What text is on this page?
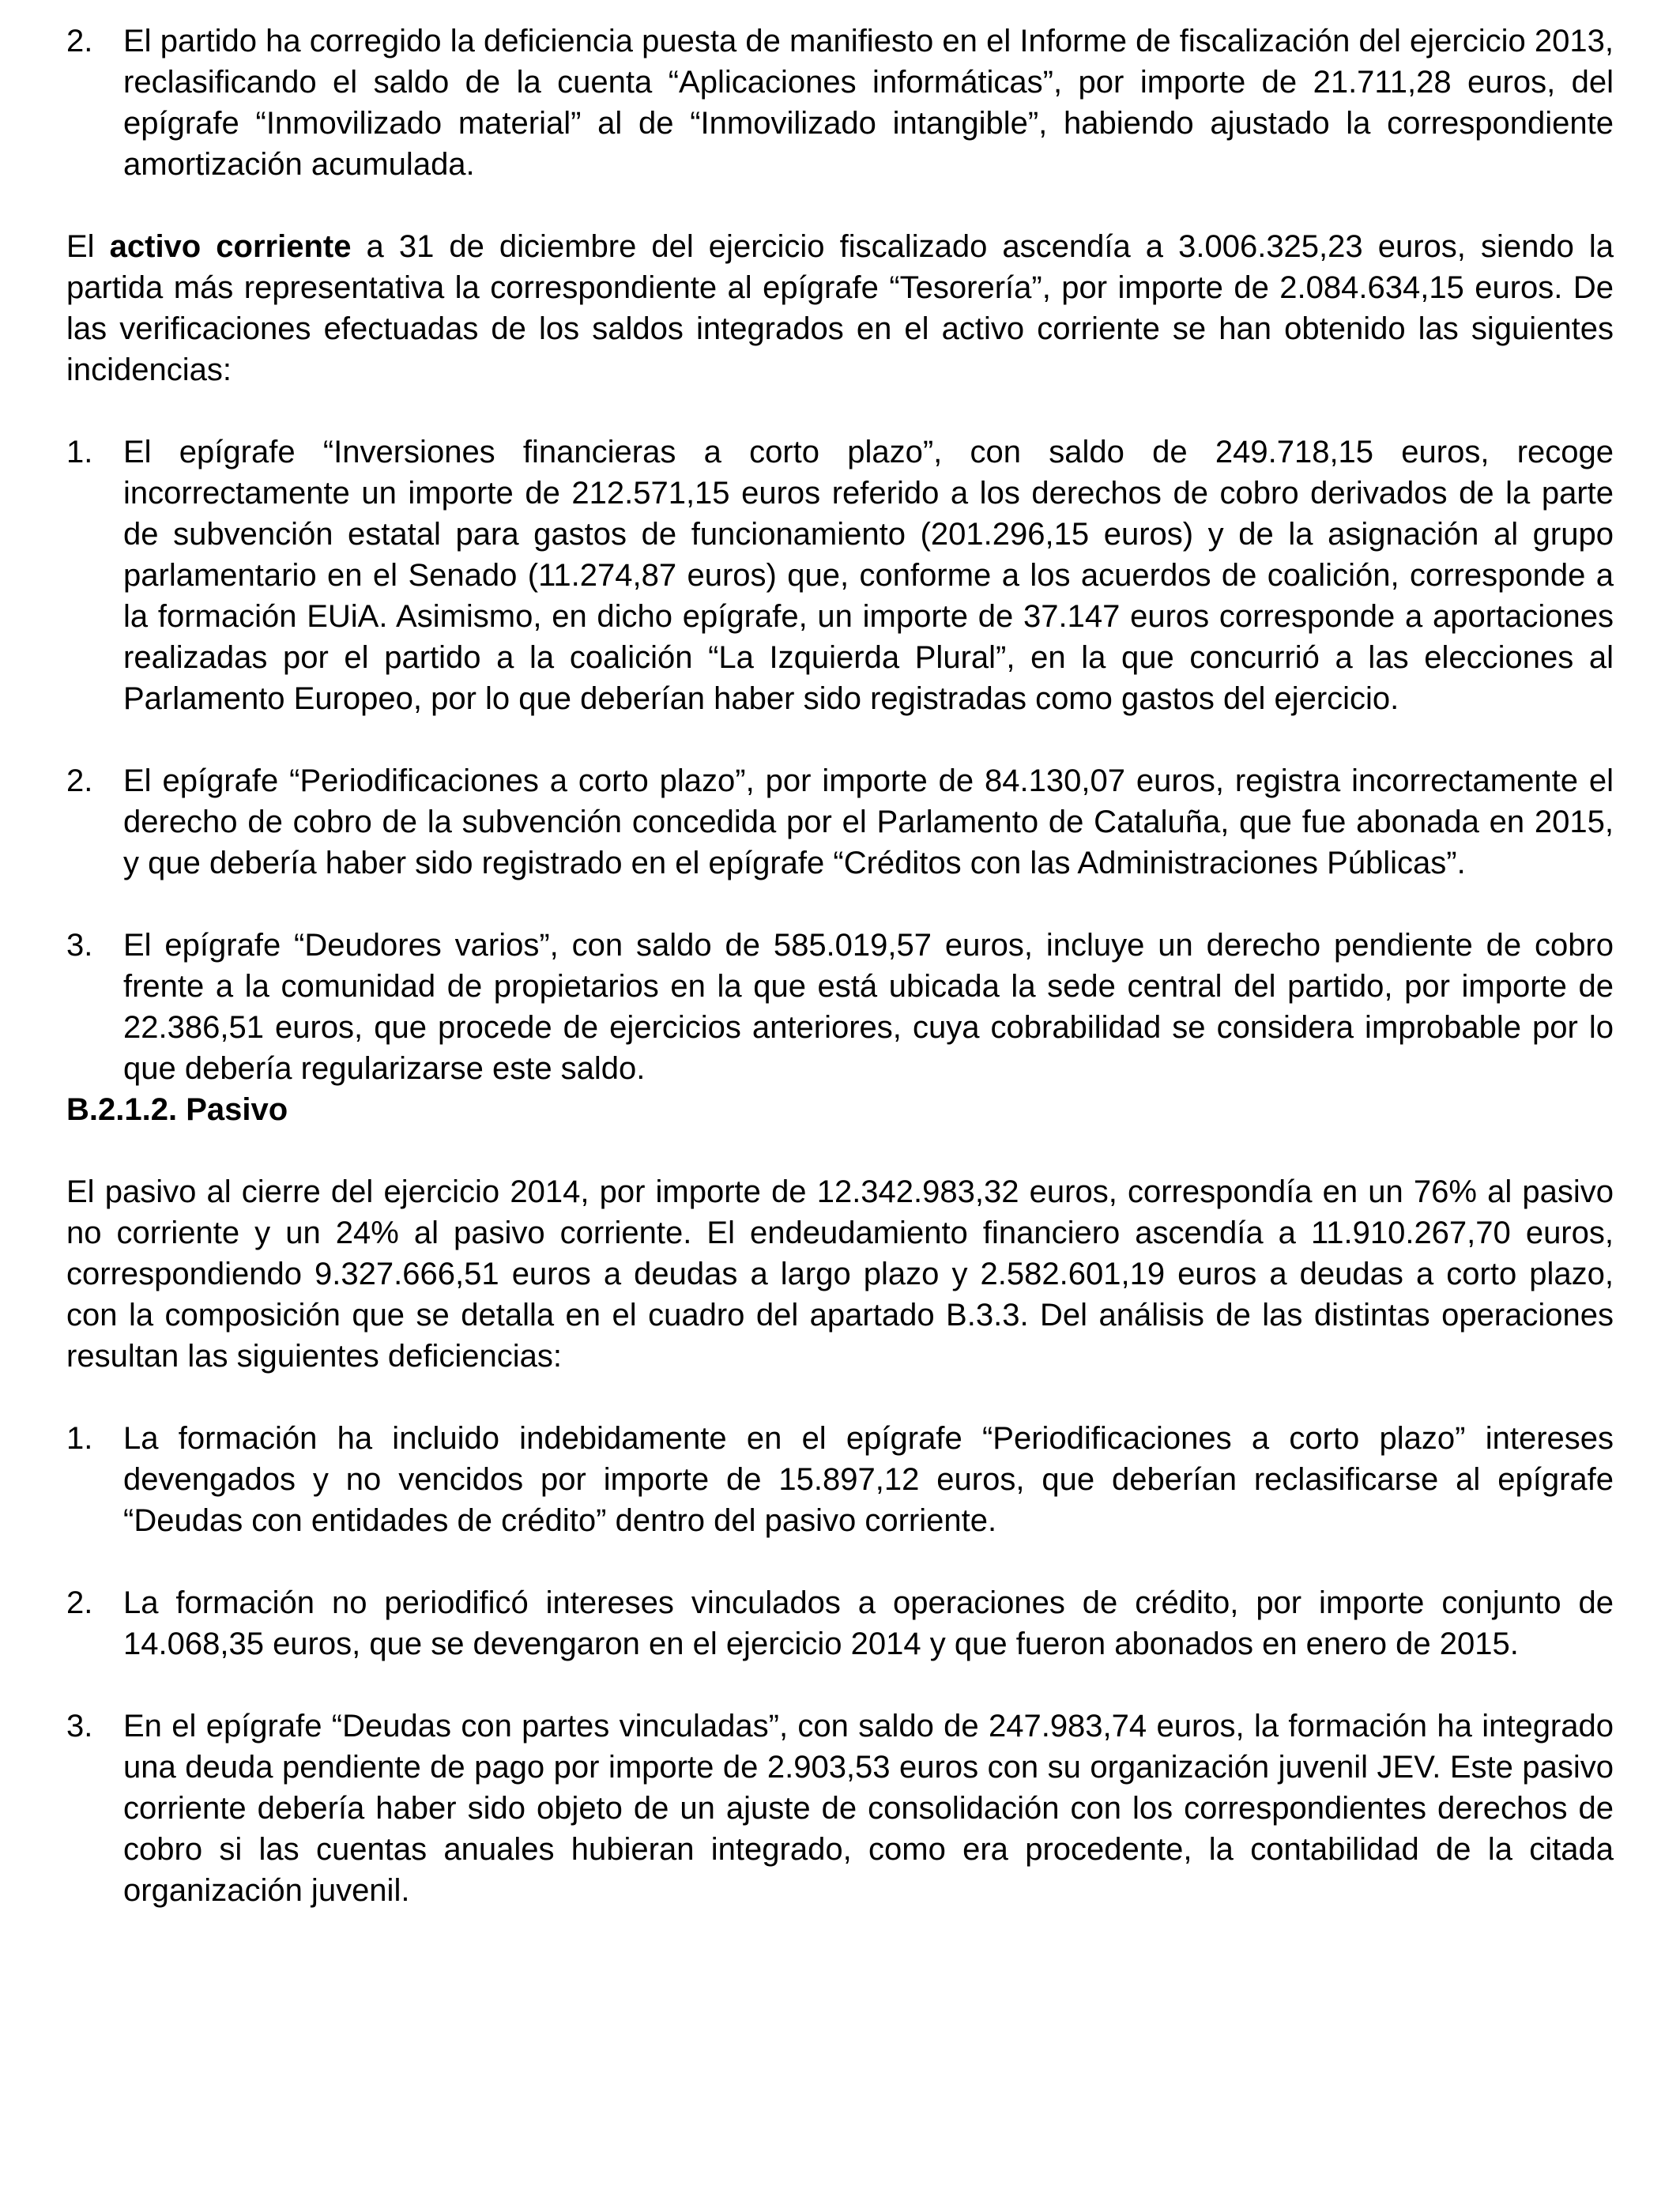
2. El partido ha corregido la deficiencia puesta de manifiesto en el Informe de fiscalización del ejercicio 2013, reclasificando el saldo de la cuenta “Aplicaciones informáticas”, por importe de 21.711,28 euros, del epígrafe “Inmovilizado material” al de “Inmovilizado intangible”, habiendo ajustado la correspondiente amortización acumulada.

El activo corriente a 31 de diciembre del ejercicio fiscalizado ascendía a 3.006.325,23 euros, siendo la partida más representativa la correspondiente al epígrafe “Tesorería”, por importe de 2.084.634,15 euros. De las verificaciones efectuadas de los saldos integrados en el activo corriente se han obtenido las siguientes incidencias:

1. El epígrafe “Inversiones financieras a corto plazo”, con saldo de 249.718,15 euros, recoge incorrectamente un importe de 212.571,15 euros referido a los derechos de cobro derivados de la parte de subvención estatal para gastos de funcionamiento (201.296,15 euros) y de la asignación al grupo parlamentario en el Senado (11.274,87 euros) que, conforme a los acuerdos de coalición, corresponde a la formación EUiA. Asimismo, en dicho epígrafe, un importe de 37.147 euros corresponde a aportaciones realizadas por el partido a la coalición “La Izquierda Plural”, en la que concurrió a las elecciones al Parlamento Europeo, por lo que deberían haber sido registradas como gastos del ejercicio.

2. El epígrafe “Periodificaciones a corto plazo”, por importe de 84.130,07 euros, registra incorrectamente el derecho de cobro de la subvención concedida por el Parlamento de Cataluña, que fue abonada en 2015, y que debería haber sido registrado en el epígrafe “Créditos con las Administraciones Públicas”.

3. El epígrafe “Deudores varios”, con saldo de 585.019,57 euros, incluye un derecho pendiente de cobro frente a la comunidad de propietarios en la que está ubicada la sede central del partido, por importe de 22.386,51 euros, que procede de ejercicios anteriores, cuya cobrabilidad se considera improbable por lo que debería regularizarse este saldo.

B.2.1.2. Pasivo

El pasivo al cierre del ejercicio 2014, por importe de 12.342.983,32 euros, correspondía en un 76% al pasivo no corriente y un 24% al pasivo corriente. El endeudamiento financiero ascendía a 11.910.267,70 euros, correspondiendo 9.327.666,51 euros a deudas a largo plazo y 2.582.601,19 euros a deudas a corto plazo, con la composición que se detalla en el cuadro del apartado B.3.3. Del análisis de las distintas operaciones resultan las siguientes deficiencias:

1. La formación ha incluido indebidamente en el epígrafe “Periodificaciones a corto plazo” intereses devengados y no vencidos por importe de 15.897,12 euros, que deberían reclasificarse al epígrafe “Deudas con entidades de crédito” dentro del pasivo corriente.

2. La formación no periodificó intereses vinculados a operaciones de crédito, por importe conjunto de 14.068,35 euros, que se devengaron en el ejercicio 2014 y que fueron abonados en enero de 2015.

3. En el epígrafe “Deudas con partes vinculadas”, con saldo de 247.983,74 euros, la formación ha integrado una deuda pendiente de pago por importe de 2.903,53 euros con su organización juvenil JEV. Este pasivo corriente debería haber sido objeto de un ajuste de consolidación con los correspondientes derechos de cobro si las cuentas anuales hubieran integrado, como era procedente, la contabilidad de la citada organización juvenil.
